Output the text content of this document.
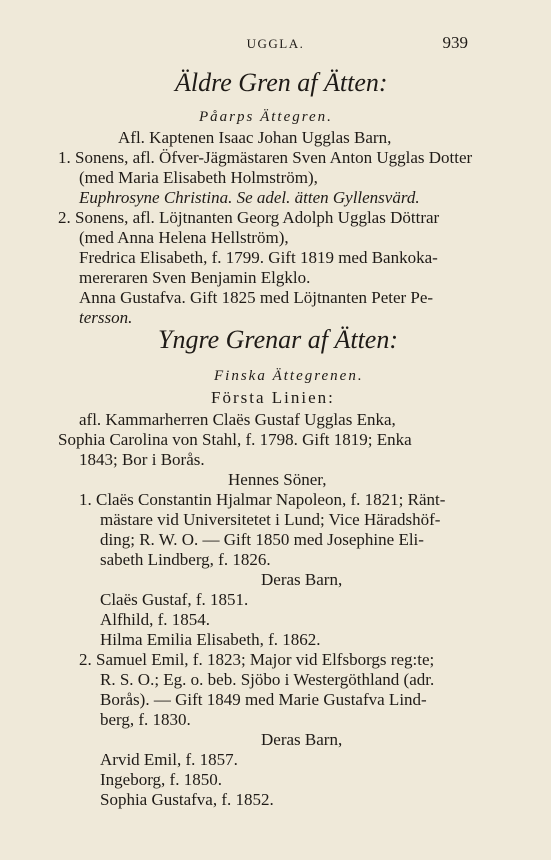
UGGLA.	939
Äldre Gren af Ätten:
Påarps Ättegren.
Afl. Kaptenen Isaac Johan Ugglas Barn,
1. Sonens, afl. Öfver-Jägmästaren Sven Anton Ugglas Dotter
(med Maria Elisabeth Holmström),
Euphrosyne Christina. Se adel. ätten Gyllensvärd.
2. Sonens, afl. Löjtnanten Georg Adolph Ugglas Döttrar
(med Anna Helena Hellström),
Fredrica Elisabeth, f. 1799. Gift 1819 med Bankoka-
mereraren Sven Benjamin Elgklo.
Anna Gustafva. Gift 1825 med Löjtnanten Peter Pe-
tersson.
Yngre Grenar af Ätten:
Finska Ättegrenen.
Första Linien:
afl. Kammarherren Claës Gustaf Ugglas Enka,
Sophia Carolina von Stahl, f. 1798. Gift 1819; Enka
1843; Bor i Borås.
Hennes Söner,
1. Claës Constantin Hjalmar Napoleon, f. 1821; Ränt-
mästare vid Universitetet i Lund; Vice Häradshöf-
ding; R. W. O. — Gift 1850 med Josephine Eli-
sabeth Lindberg, f. 1826.
Deras Barn,
Claës Gustaf, f. 1851.
Alfhild, f. 1854.
Hilma Emilia Elisabeth, f. 1862.
2. Samuel Emil, f. 1823; Major vid Elfsborgs reg:te;
R. S. O.; Eg. o. beb. Sjöbo i Westergöthland (adr.
Borås). — Gift 1849 med Marie Gustafva Lind-
berg, f. 1830.
Deras Barn,
Arvid Emil, f. 1857.
Ingeborg, f. 1850.
Sophia Gustafva, f. 1852.
